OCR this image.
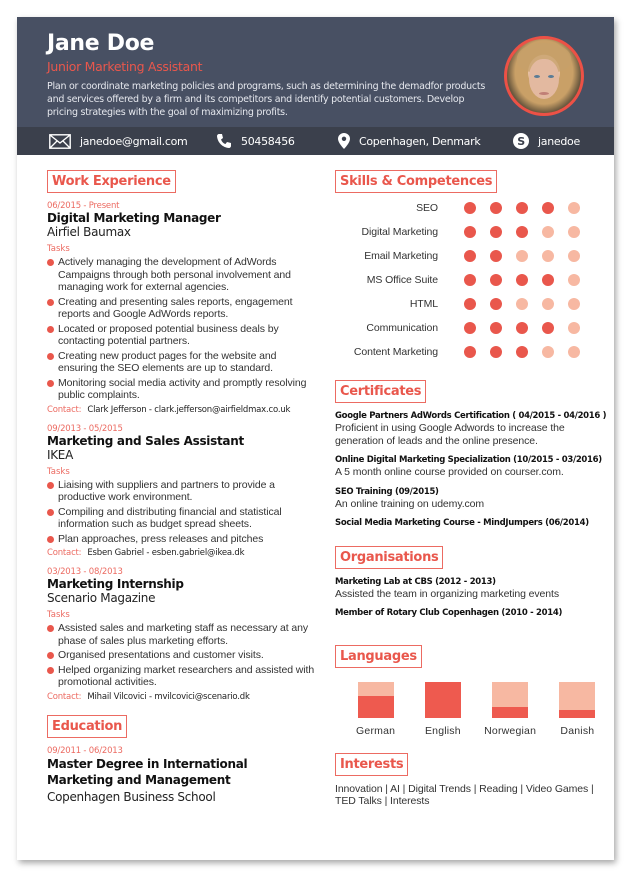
Jane Doe
Junior Marketing Assistant
Plan or coordinate marketing policies and programs, such as determining the demadfor products and services offered by a firm and its competitors and identify potential customers. Develop pricing strategies with the goal of maximizing profits.
janedoe@gmail.com	50458456	Copenhagen, Denmark	S janedoe
Work Experience
06/2015 - Present
Digital Marketing Manager
Airfiel Baumax
Tasks
Actively managing the development of AdWords Campaigns through both personal involvement and managing work for external agencies.
Creating and presenting sales reports, engagement reports and Google AdWords reports.
Located or proposed potential business deals by contacting potential partners.
Creating new product pages for the website and ensuring the SEO elements are up to standard.
Monitoring social media activity and promptly resolving public complaints.
Contact: Clark Jefferson - clark.jefferson@airfieldmax.co.uk
09/2013 - 05/2015
Marketing and Sales Assistant
IKEA
Tasks
Liaising with suppliers and partners to provide a productive work environment.
Compiling and distributing financial and statistical information such as budget spread sheets.
Plan approaches, press releases and pitches
Contact: Esben Gabriel - esben.gabriel@ikea.dk
03/2013 - 08/2013
Marketing Internship
Scenario Magazine
Tasks
Assisted sales and marketing staff as necessary at any phase of sales plus marketing efforts.
Organised presentations and customer visits.
Helped organizing market researchers and assisted with promotional activities.
Contact: Mihail Vilcovici - mvilcovici@scenario.dk
Education
09/2011 - 06/2013
Master Degree in International Marketing and Management
Copenhagen Business School
Skills & Competences
SEO
Digital Marketing
Email Marketing
MS Office Suite
HTML
Communication
Content Marketing
Certificates
Google Partners AdWords Certification ( 04/2015 - 04/2016 )
Proficient in using Google Adwords to increase the generation of leads and the online presence.
Online Digital Marketing Specialization (10/2015 - 03/2016)
A 5 month online course provided on courser.com.
SEO Training (09/2015)
An online training on udemy.com
Social Media Marketing Course - MindJumpers (06/2014)
Organisations
Marketing Lab at CBS (2012 - 2013)
Assisted the team in organizing marketing events
Member of Rotary Club Copenhagen (2010 - 2014)
Languages
German	English Norwegian Danish
Interests
Innovation | AI | Digital Trends | Reading | Video Games | TED Talks | Interests
